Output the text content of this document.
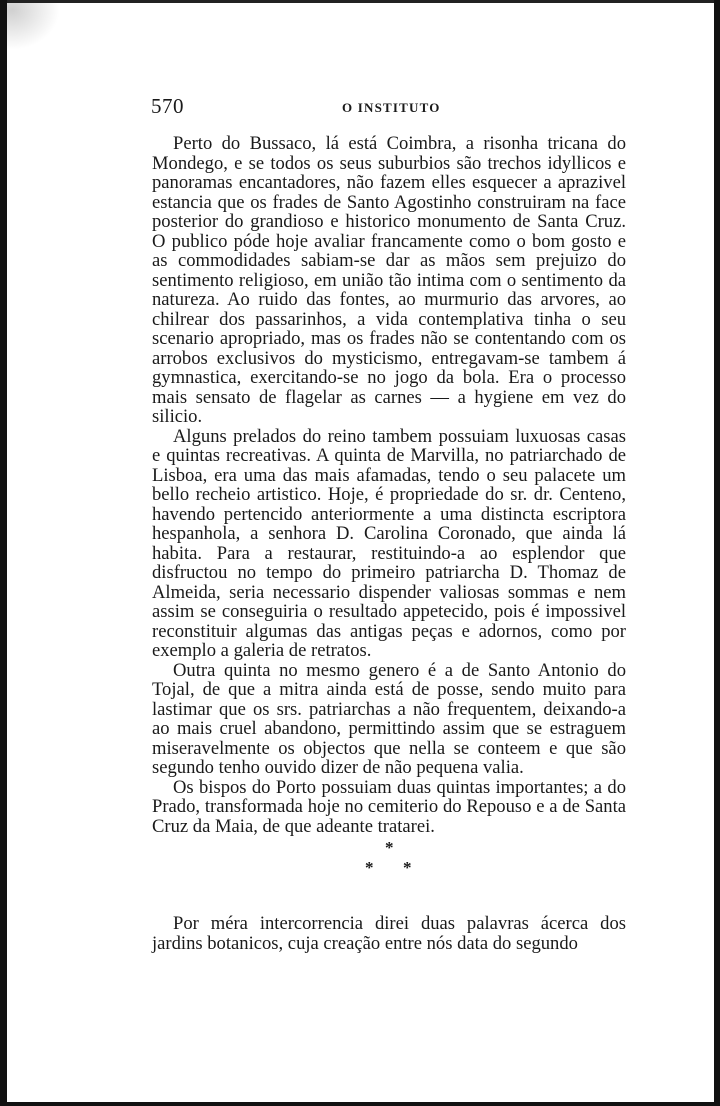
570	O INSTITUTO

Perto do Bussaco, lá está Coimbra, a risonha tricana do Mondego, e se todos os seus suburbios são trechos idyllicos e panoramas encantadores, não fazem elles esquecer a aprazivel estancia que os frades de Santo Agostinho construiram na face posterior do grandioso e historico monumento de Santa Cruz. O publico póde hoje avaliar francamente como o bom gosto e as commodidades sabiam-se dar as mãos sem prejuizo do sentimento religioso, em união tão intima com o sentimento da natureza. Ao ruido das fontes, ao murmurio das arvores, ao chilrear dos passarinhos, a vida contemplativa tinha o seu scenario apropriado, mas os frades não se contentando com os arrobos exclusivos do mysticismo, entregavam-se tambem á gymnastica, exercitando-se no jogo da bola. Era o processo mais sensato de flagelar as carnes — a hygiene em vez do silicio.

Alguns prelados do reino tambem possuiam luxuosas casas e quintas recreativas. A quinta de Marvilla, no patriarchado de Lisboa, era uma das mais afamadas, tendo o seu palacete um bello recheio artistico. Hoje, é propriedade do sr. dr. Centeno, havendo pertencido anteriormente a uma distincta escriptora hespanhola, a senhora D. Carolina Coronado, que ainda lá habita. Para a restaurar, restituindo-a ao esplendor que disfructou no tempo do primeiro patriarcha D. Thomaz de Almeida, seria necessario dispender valiosas sommas e nem assim se conseguiria o resultado appetecido, pois é impossivel reconstituir algumas das antigas peças e adornos, como por exemplo a galeria de retratos.

Outra quinta no mesmo genero é a de Santo Antonio do Tojal, de que a mitra ainda está de posse, sendo muito para lastimar que os srs. patriarchas a não frequentem, deixando-a ao mais cruel abandono, permittindo assim que se estraguem miseravelmente os objectos que nella se conteem e que são segundo tenho ouvido dizer de não pequena valia.

Os bispos do Porto possuiam duas quintas importantes; a do Prado, transformada hoje no cemiterio do Repouso e a de Santa Cruz da Maia, de que adeante tratarei.

*
* *

Por méra intercorrencia direi duas palavras ácerca dos jardins botanicos, cuja creação entre nós data do segundo
